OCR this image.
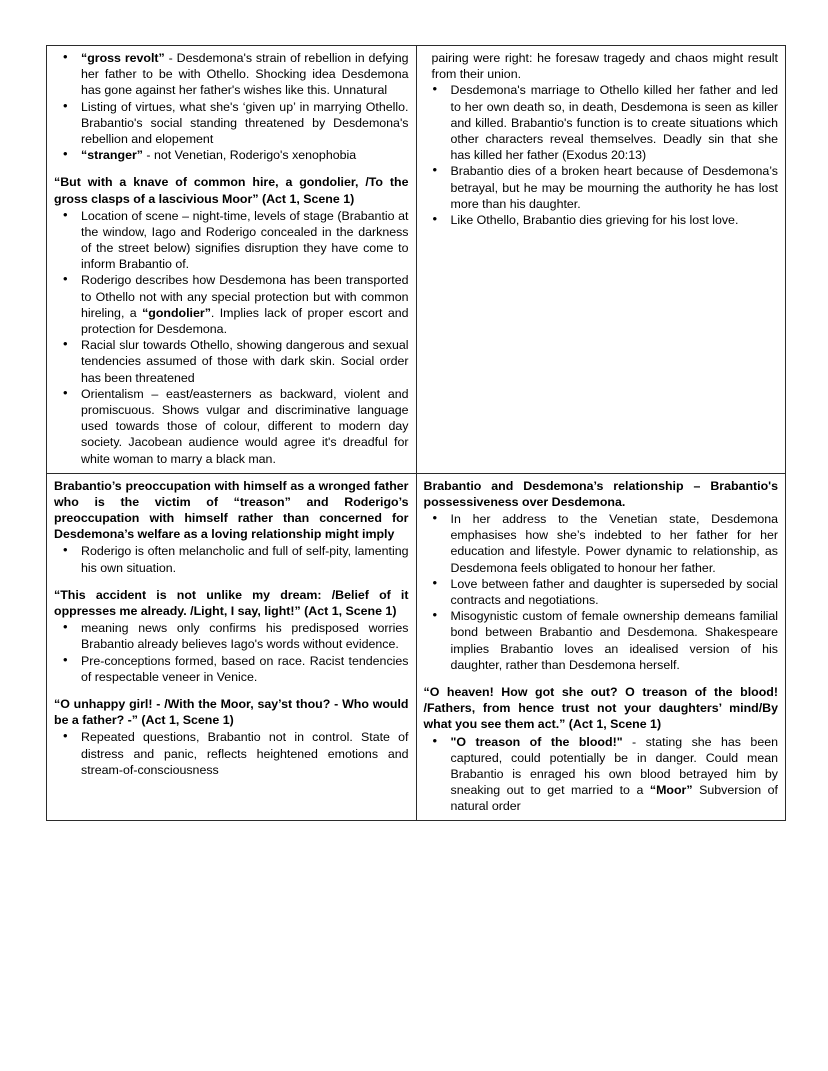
• “gross revolt” - Desdemona's strain of rebellion in defying her father to be with Othello. Shocking idea Desdemona has gone against her father's wishes like this. Unnatural
• Listing of virtues, what she's ‘given up’ in marrying Othello. Brabantio's social standing threatened by Desdemona's rebellion and elopement
• “stranger” - not Venetian, Roderigo's xenophobia

“But with a knave of common hire, a gondolier, /To the gross clasps of a lascivious Moor” (Act 1, Scene 1)

• Location of scene – night-time, levels of stage (Brabantio at the window, Iago and Roderigo concealed in the darkness of the street below) signifies disruption they have come to inform Brabantio of.
• Roderigo describes how Desdemona has been transported to Othello not with any special protection but with common hireling, a “gondolier”. Implies lack of proper escort and protection for Desdemona.
• Racial slur towards Othello, showing dangerous and sexual tendencies assumed of those with dark skin. Social order has been threatened
• Orientalism – east/easterners as backward, violent and promiscuous. Shows vulgar and discriminative language used towards those of colour, different to modern day society. Jacobean audience would agree it's dreadful for white woman to marry a black man.

pairing were right: he foresaw tragedy and chaos might result from their union.

• Desdemona's marriage to Othello killed her father and led to her own death so, in death, Desdemona is seen as killer and killed. Brabantio's function is to create situations which other characters reveal themselves. Deadly sin that she has killed her father (Exodus 20:13)
• Brabantio dies of a broken heart because of Desdemona’s betrayal, but he may be mourning the authority he has lost more than his daughter.
• Like Othello, Brabantio dies grieving for his lost love.

Brabantio’s preoccupation with himself as a wronged father who is the victim of “treason” and Roderigo’s preoccupation with himself rather than concerned for Desdemona’s welfare as a loving relationship might imply

• Roderigo is often melancholic and full of self-pity, lamenting his own situation.

“This accident is not unlike my dream: /Belief of it oppresses me already. /Light, I say, light!” (Act 1, Scene 1)

• meaning news only confirms his predisposed worries Brabantio already believes Iago's words without evidence.
• Pre-conceptions formed, based on race. Racist tendencies of respectable veneer in Venice.

“O unhappy girl! - /With the Moor, say’st thou? - Who would be a father? -” (Act 1, Scene 1)

• Repeated questions, Brabantio not in control. State of distress and panic, reflects heightened emotions and stream-of-consciousness

Brabantio and Desdemona’s relationship – Brabantio's possessiveness over Desdemona.

• In her address to the Venetian state, Desdemona emphasises how she’s indebted to her father for her education and lifestyle. Power dynamic to relationship, as Desdemona feels obligated to honour her father.
• Love between father and daughter is superseded by social contracts and negotiations.
• Misogynistic custom of female ownership demeans familial bond between Brabantio and Desdemona. Shakespeare implies Brabantio loves an idealised version of his daughter, rather than Desdemona herself.

“O heaven! How got she out? O treason of the blood! /Fathers, from hence trust not your daughters’ mind/By what you see them act.” (Act 1, Scene 1)

• "O treason of the blood!" - stating she has been captured, could potentially be in danger. Could mean Brabantio is enraged his own blood betrayed him by sneaking out to get married to a “Moor” Subversion of natural order
